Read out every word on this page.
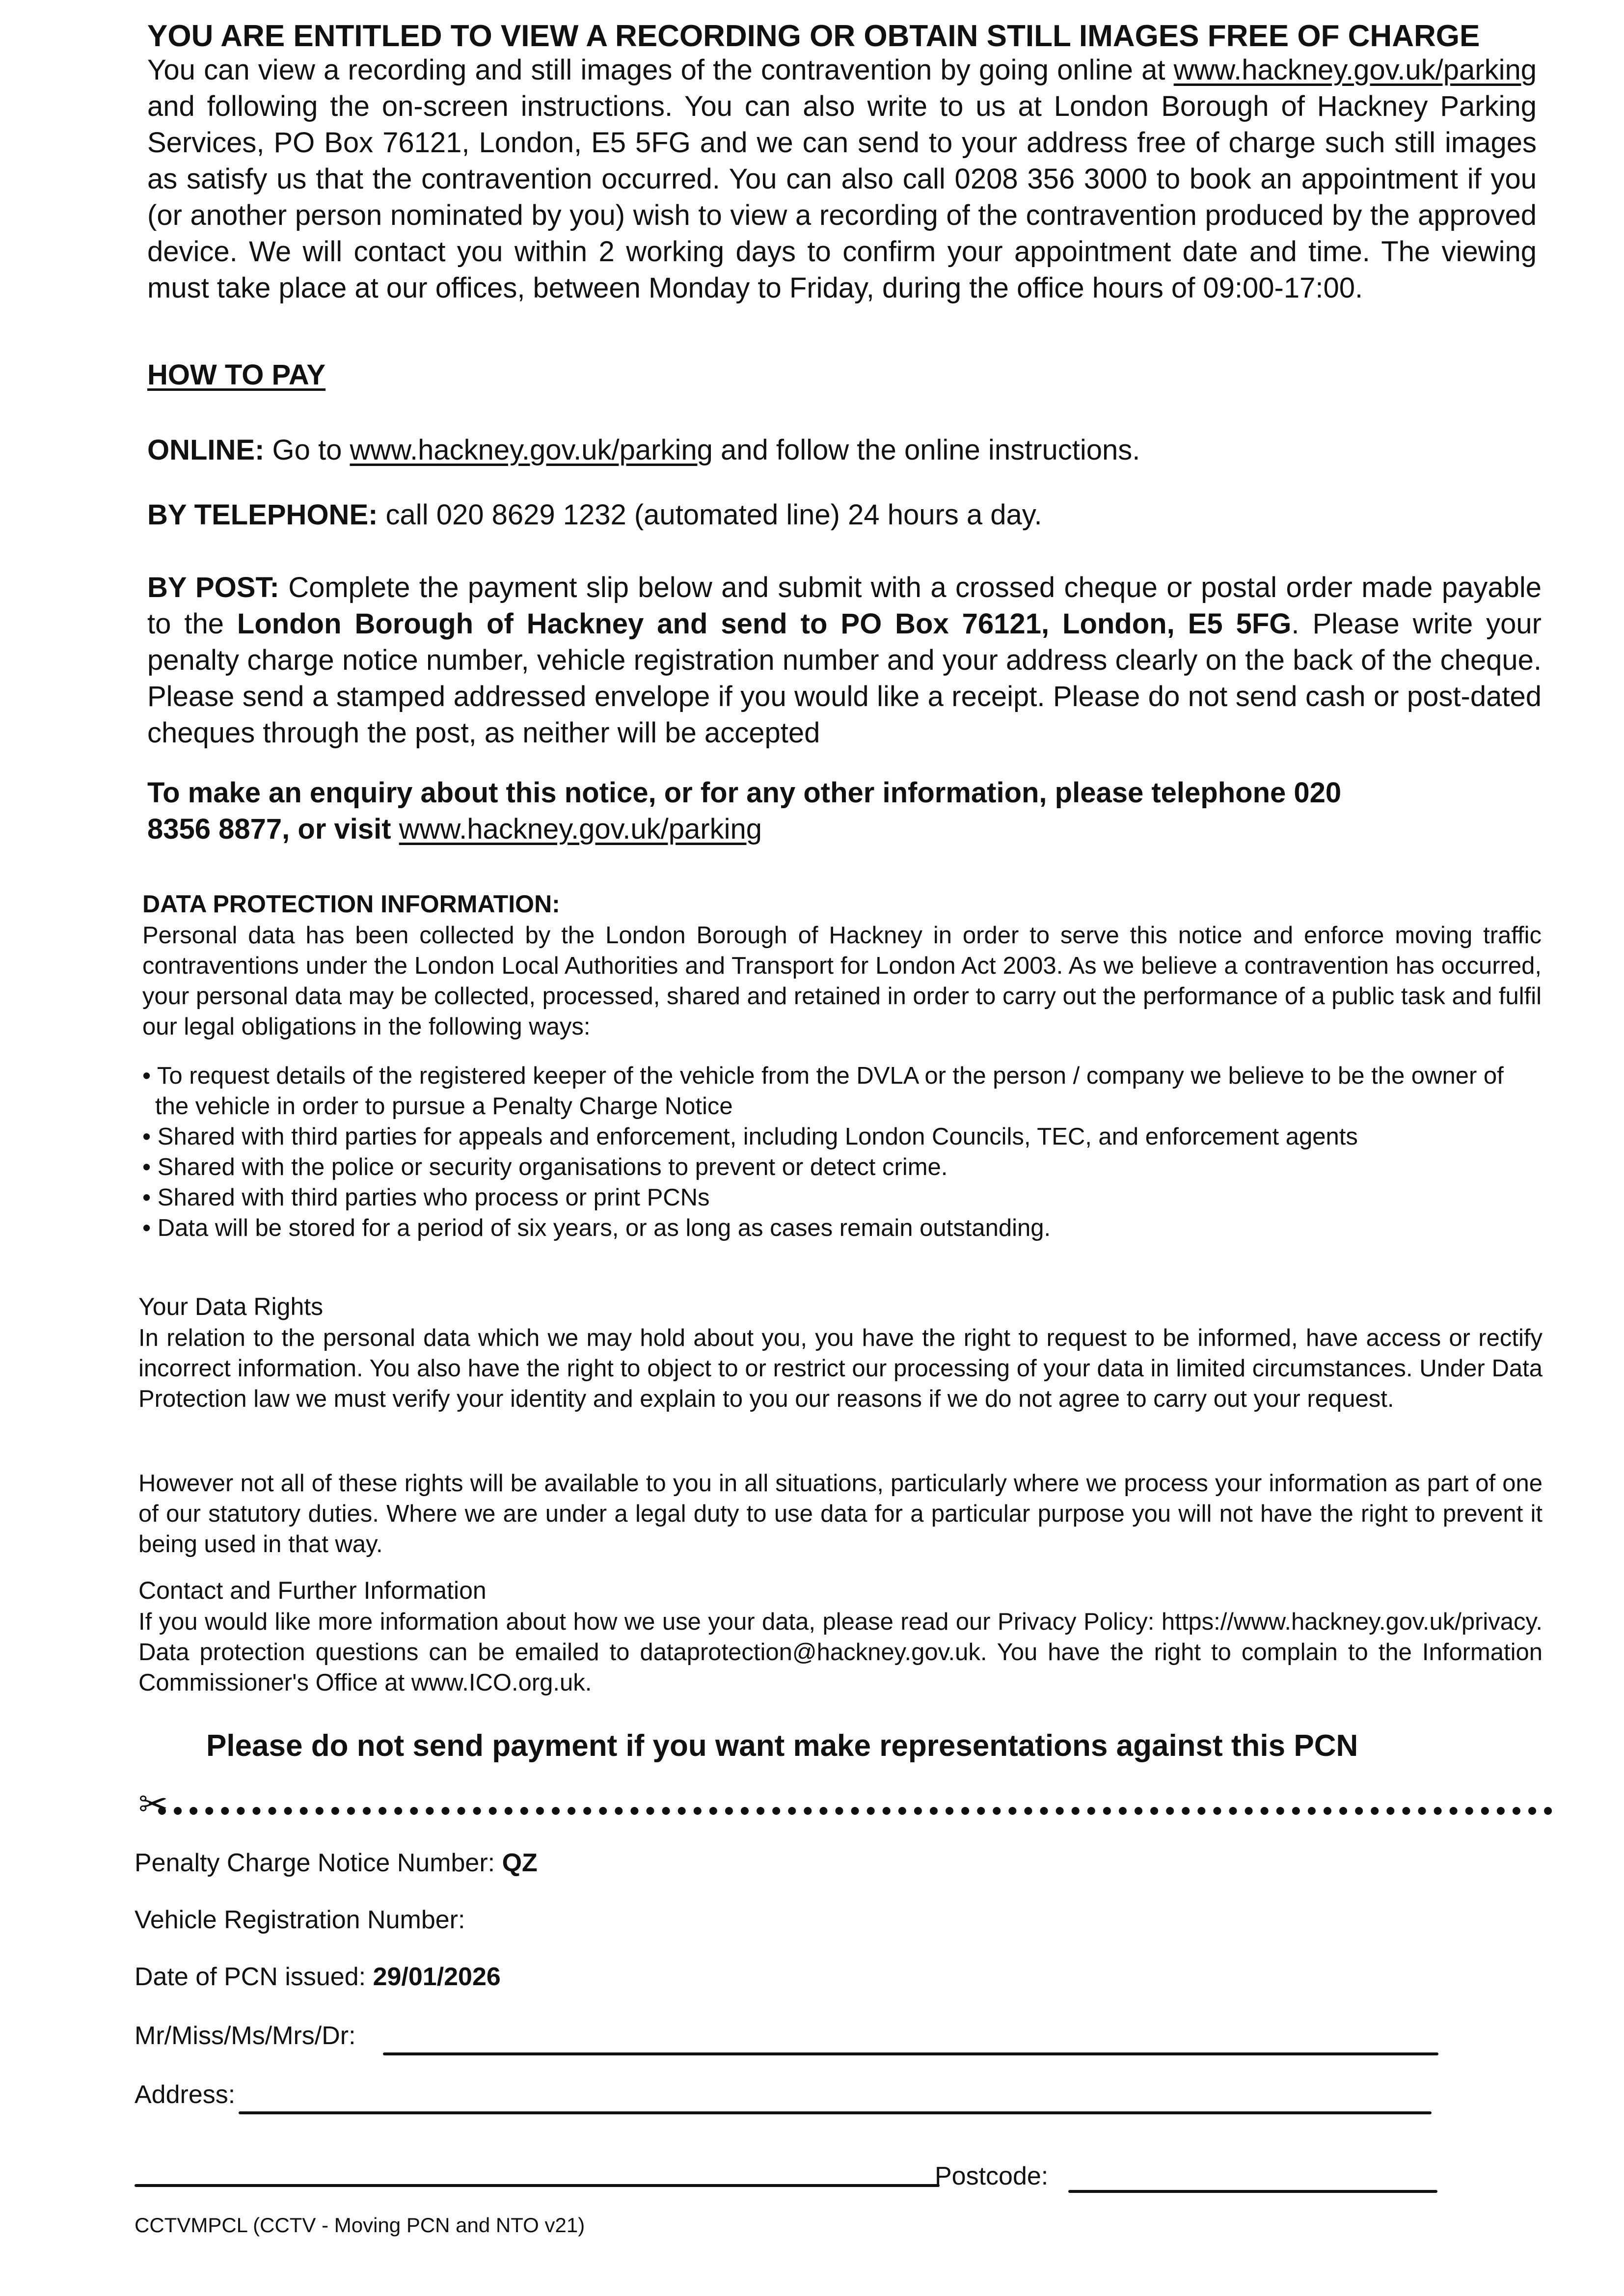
YOU ARE ENTITLED TO VIEW A RECORDING OR OBTAIN STILL IMAGES FREE OF CHARGE
You can view a recording and still images of the contravention by going online at www.hackney.gov.uk/parking and following the on-screen instructions. You can also write to us at London Borough of Hackney Parking Services, PO Box 76121, London, E5 5FG and we can send to your address free of charge such still images as satisfy us that the contravention occurred. You can also call 0208 356 3000 to book an appointment if you (or another person nominated by you) wish to view a recording of the contravention produced by the approved device. We will contact you within 2 working days to confirm your appointment date and time. The viewing must take place at our offices, between Monday to Friday, during the office hours of 09:00-17:00.
HOW TO PAY
ONLINE: Go to www.hackney.gov.uk/parking and follow the online instructions.
BY TELEPHONE: call 020 8629 1232 (automated line) 24 hours a day.
BY POST: Complete the payment slip below and submit with a crossed cheque or postal order made payable to the London Borough of Hackney and send to PO Box 76121, London, E5 5FG. Please write your penalty charge notice number, vehicle registration number and your address clearly on the back of the cheque. Please send a stamped addressed envelope if you would like a receipt. Please do not send cash or post-dated cheques through the post, as neither will be accepted
To make an enquiry about this notice, or for any other information, please telephone 020 8356 8877, or visit www.hackney.gov.uk/parking
DATA PROTECTION INFORMATION:
Personal data has been collected by the London Borough of Hackney in order to serve this notice and enforce moving traffic contraventions under the London Local Authorities and Transport for London Act 2003. As we believe a contravention has occurred, your personal data may be collected, processed, shared and retained in order to carry out the performance of a public task and fulfil our legal obligations in the following ways:
• To request details of the registered keeper of the vehicle from the DVLA or the person / company we believe to be the owner of the vehicle in order to pursue a Penalty Charge Notice
• Shared with third parties for appeals and enforcement, including London Councils, TEC, and enforcement agents
• Shared with the police or security organisations to prevent or detect crime.
• Shared with third parties who process or print PCNs
• Data will be stored for a period of six years, or as long as cases remain outstanding.
Your Data Rights
In relation to the personal data which we may hold about you, you have the right to request to be informed, have access or rectify incorrect information. You also have the right to object to or restrict our processing of your data in limited circumstances. Under Data Protection law we must verify your identity and explain to you our reasons if we do not agree to carry out your request.
However not all of these rights will be available to you in all situations, particularly where we process your information as part of one of our statutory duties. Where we are under a legal duty to use data for a particular purpose you will not have the right to prevent it being used in that way.
Contact and Further Information
If you would like more information about how we use your data, please read our Privacy Policy: https://www.hackney.gov.uk/privacy. Data protection questions can be emailed to dataprotection@hackney.gov.uk. You have the right to complain to the Information Commissioner's Office at www.ICO.org.uk.
Please do not send payment if you want make representations against this PCN
✂
Penalty Charge Notice Number: QZ
Vehicle Registration Number:
Date of PCN issued: 29/01/2026
Mr/Miss/Ms/Mrs/Dr:
Address:
Postcode:
CCTVMPCL (CCTV - Moving PCN and NTO v21)
